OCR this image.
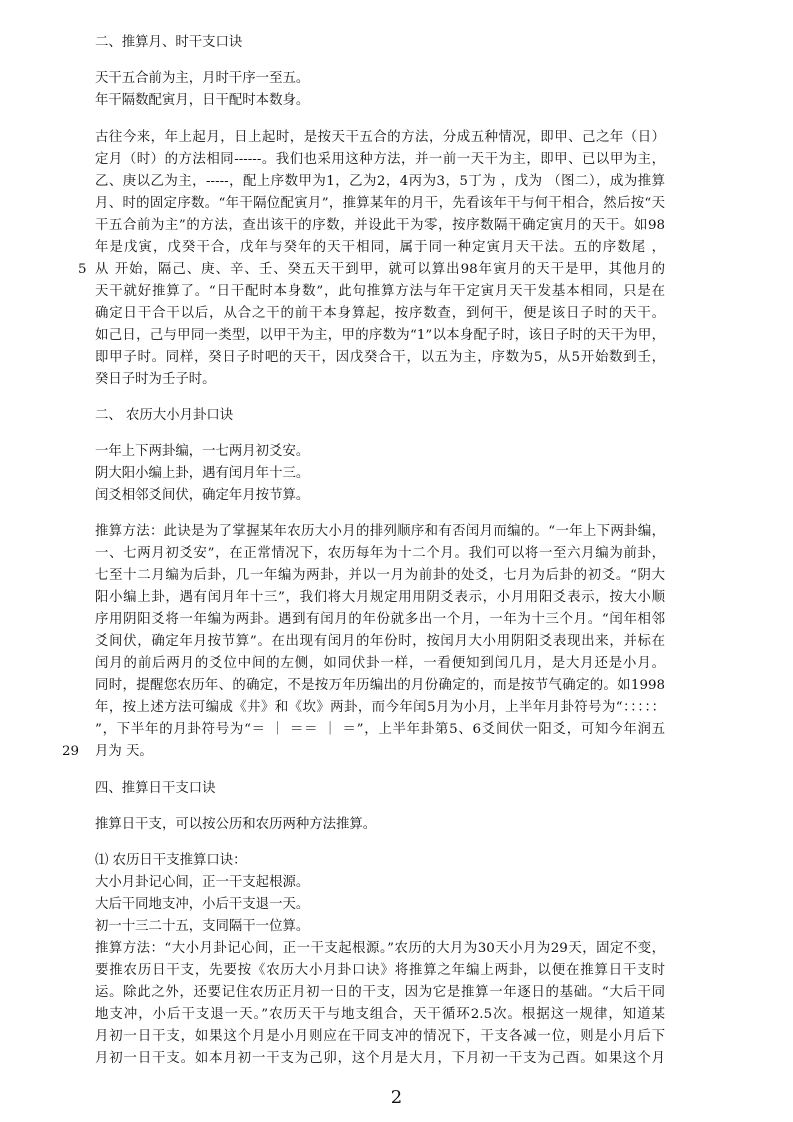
二、推算月、时干支口诀
天干五合前为主，月时干序一至五。
年干隔数配寅月，日干配时本数身。
古往今来，年上起月，日上起时，是按天干五合的方法，分成五种情况，即甲、己之年（日）
定月（时）的方法相同------。我们也采用这种方法，并一前一天干为主，即甲、已以甲为主，
乙、庚以乙为主，-----，配上序数甲为1，乙为2，4丙为3，5丁为 ，戊为 （图二），成为推算
月、时的固定序数。“年干隔位配寅月”，推算某年的月干，先看该年干与何干相合，然后按“天
干五合前为主”的方法，查出该干的序数，并设此干为零，按序数隔干确定寅月的天干。如98
年是戊寅，戊癸干合，戊年与癸年的天干相同，属于同一种定寅月天干法。五的序数尾 ，
5 从 开始，隔己、庚、辛、壬、癸五天干到甲，就可以算出98年寅月的天干是甲，其他月的
天干就好推算了。“日干配时本身数”，此句推算方法与年干定寅月天干发基本相同，只是在
确定日干合干以后，从合之干的前干本身算起，按序数查，到何干，便是该日子时的天干。
如己日，己与甲同一类型，以甲干为主，甲的序数为“1”以本身配子时，该日子时的天干为甲，
即甲子时。同样，癸日子时吧的天干，因戊癸合干，以五为主，序数为5，从5开始数到壬，
癸日子时为壬子时。
二、 农历大小月卦口诀
一年上下两卦编，一七两月初爻安。
阴大阳小编上卦，遇有闰月年十三。
闰爻相邻爻间伏，确定年月按节算。
推算方法：此诀是为了掌握某年农历大小月的排列顺序和有否闰月而编的。“一年上下两卦编，
一、七两月初爻安”，在正常情况下，农历每年为十二个月。我们可以将一至六月编为前卦，
七至十二月编为后卦，几一年编为两卦，并以一月为前卦的处爻，七月为后卦的初爻。“阴大
阳小编上卦，遇有闰月年十三”，我们将大月规定用用阴爻表示，小月用阳爻表示，按大小顺
序用阴阳爻将一年编为两卦。遇到有闰月的年份就多出一个月，一年为十三个月。“闰年相邻
爻间伏，确定年月按节算”。在出现有闰月的年份时，按闰月大小用阴阳爻表现出来，并标在
闰月的前后两月的爻位中间的左侧，如同伏卦一样，一看便知到闰几月，是大月还是小月。
同时，提醒您农历年、的确定，不是按万年历编出的月份确定的，而是按节气确定的。如1998
年，按上述方法可编成《井》和《坎》两卦，而今年闰5月为小月，上半年月卦符号为“：：：：：
”，下半年的月卦符号为“＝ ｜ ＝＝ ｜ ＝”，上半年卦第5、6爻间伏一阳爻，可知今年润五
29 月为 天。
四、推算日干支口诀
推算日干支，可以按公历和农历两种方法推算。
⑴ 农历日干支推算口诀：
大小月卦记心间，正一干支起根源。
大后干同地支冲，小后干支退一天。
初一十三二十五，支同隔干一位算。
推算方法：“大小月卦记心间，正一干支起根源。”农历的大月为30天小月为29天，固定不变，
要推农历日干支，先要按《农历大小月卦口诀》将推算之年编上两卦，以便在推算日干支时
运。除此之外，还要记住农历正月初一日的干支，因为它是推算一年逐日的基础。“大后干同
地支冲，小后干支退一天。”农历天干与地支组合，天干循环2.5次。根据这一规律，知道某
月初一日干支，如果这个月是小月则应在干同支冲的情况下，干支各减一位，则是小月后下
月初一日干支。如本月初一干支为己卯，这个月是大月，下月初一干支为己酉。如果这个月
2
